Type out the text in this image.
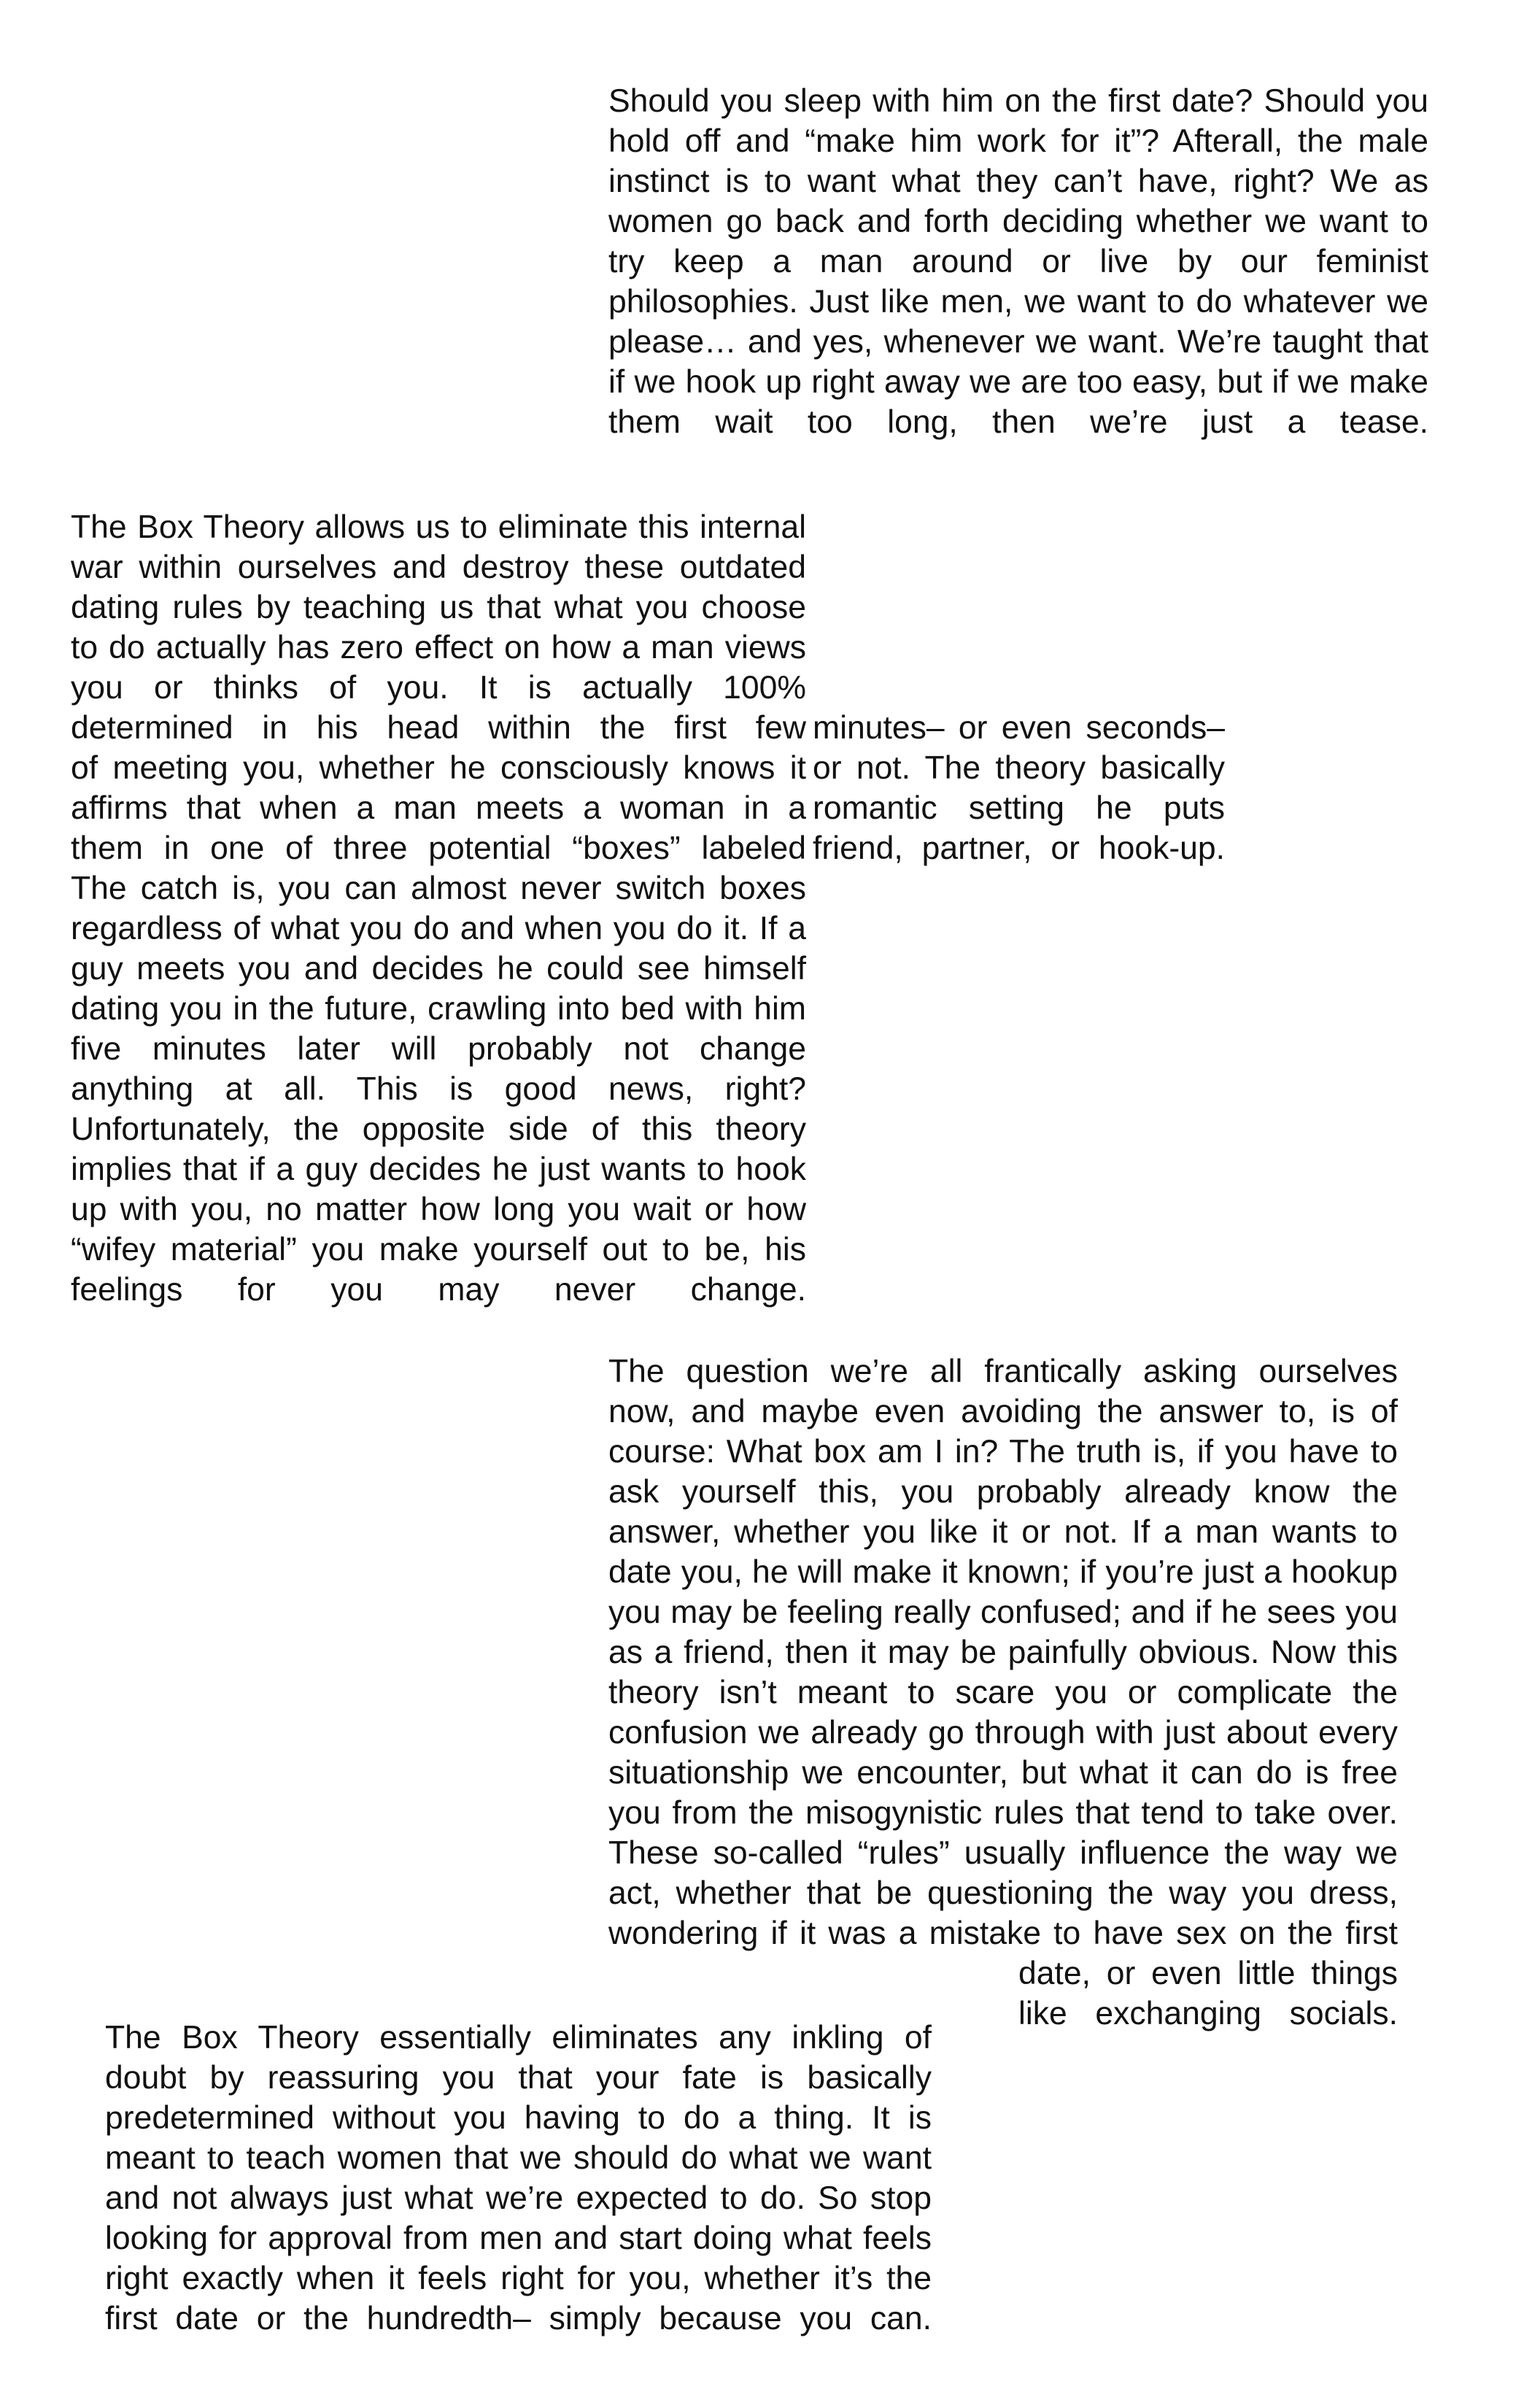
Should you sleep with him on the first date? Should you
hold off and “make him work for it”? Afterall, the male
instinct is to want what they can’t have, right? We as
women go back and forth deciding whether we want to
try keep a man around or live by our feminist
philosophies. Just like men, we want to do whatever we
please… and yes, whenever we want. We’re taught that
if we hook up right away we are too easy, but if we make
them wait too long, then we’re just a tease.
The Box Theory allows us to eliminate this internal
war within ourselves and destroy these outdated
dating rules by teaching us that what you choose
to do actually has zero effect on how a man views
you or thinks of you. It is actually 100%
determined in his head within the first few
of meeting you, whether he consciously knows it
affirms that when a man meets a woman in a
them in one of three potential “boxes” labeled
minutes– or even seconds–
or not. The theory basically
romantic setting he puts
friend, partner, or hook-up.
The catch is, you can almost never switch boxes
regardless of what you do and when you do it. If a
guy meets you and decides he could see himself
dating you in the future, crawling into bed with him
five minutes later will probably not change
anything at all. This is good news, right?
Unfortunately, the opposite side of this theory
implies that if a guy decides he just wants to hook
up with you, no matter how long you wait or how
“wifey material” you make yourself out to be, his
feelings for you may never change.
The question we’re all frantically asking ourselves
now, and maybe even avoiding the answer to, is of
course: What box am I in? The truth is, if you have to
ask yourself this, you probably already know the
answer, whether you like it or not. If a man wants to
date you, he will make it known; if you’re just a hookup
you may be feeling really confused; and if he sees you
as a friend, then it may be painfully obvious. Now this
theory isn’t meant to scare you or complicate the
confusion we already go through with just about every
situationship we encounter, but what it can do is free
you from the misogynistic rules that tend to take over.
These so-called “rules” usually influence the way we
act, whether that be questioning the way you dress,
wondering if it was a mistake to have sex on the first
date, or even little things
like exchanging socials.
The Box Theory essentially eliminates any inkling of
doubt by reassuring you that your fate is basically
predetermined without you having to do a thing. It is
meant to teach women that we should do what we want
and not always just what we’re expected to do. So stop
looking for approval from men and start doing what feels
right exactly when it feels right for you, whether it’s the
first date or the hundredth– simply because you can.
